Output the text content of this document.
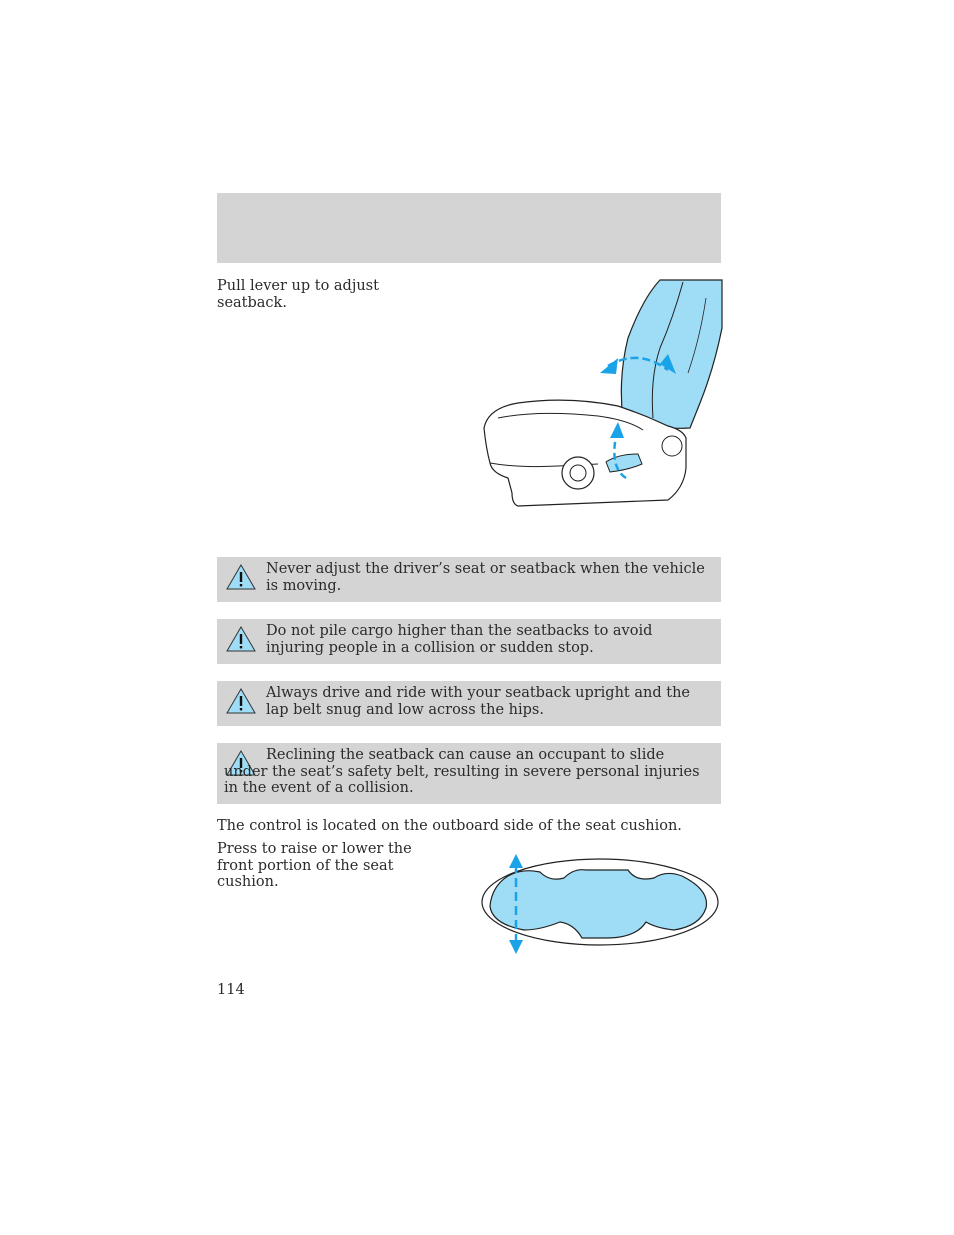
Pull lever up to adjust seatback.
Never adjust the driver’s seat or seatback when the vehicle is moving.
Do not pile cargo higher than the seatbacks to avoid injuring people in a collision or sudden stop.
Always drive and ride with your seatback upright and the lap belt snug and low across the hips.
Reclining the seatback can cause an occupant to slide under the seat’s safety belt, resulting in severe personal injuries in the event of a collision.
The control is located on the outboard side of the seat cushion.
Press to raise or lower the front portion of the seat cushion.
114
